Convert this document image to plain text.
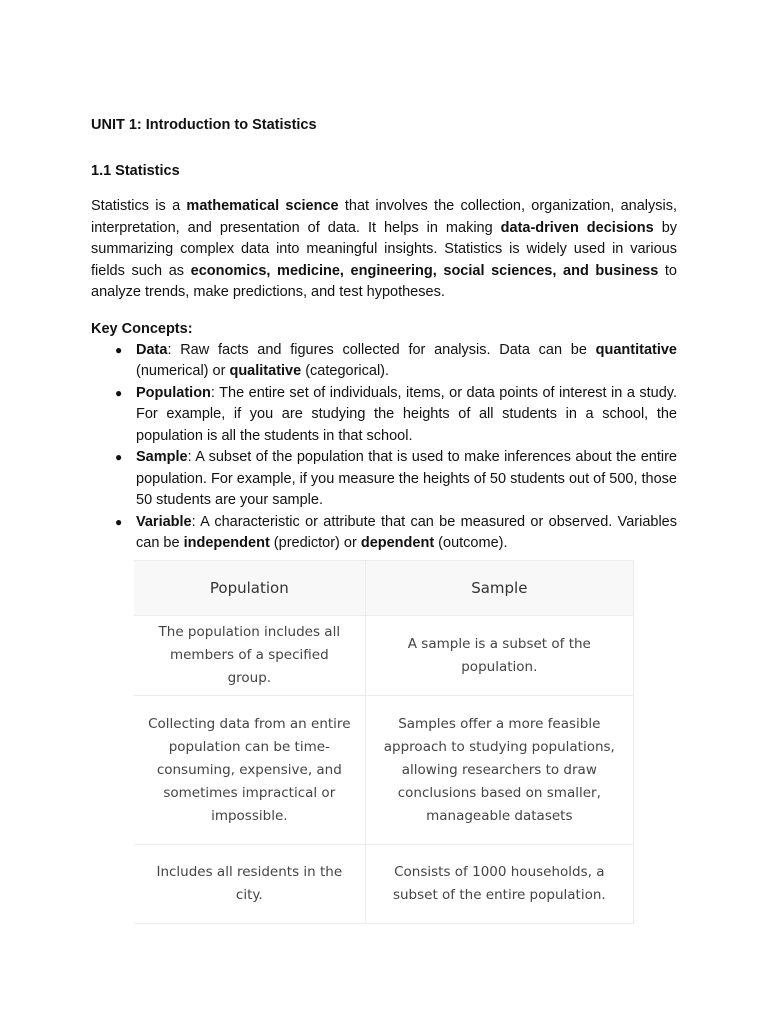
UNIT 1: Introduction to Statistics

1.1 Statistics

Statistics is a mathematical science that involves the collection, organization, analysis, interpretation, and presentation of data. It helps in making data-driven decisions by summarizing complex data into meaningful insights. Statistics is widely used in various fields such as economics, medicine, engineering, social sciences, and business to analyze trends, make predictions, and test hypotheses.

Key Concepts:

● Data: Raw facts and figures collected for analysis. Data can be quantitative (numerical) or qualitative (categorical).
● Population: The entire set of individuals, items, or data points of interest in a study. For example, if you are studying the heights of all students in a school, the population is all the students in that school.
● Sample: A subset of the population that is used to make inferences about the entire population. For example, if you measure the heights of 50 students out of 500, those 50 students are your sample.
● Variable: A characteristic or attribute that can be measured or observed. Variables can be independent (predictor) or dependent (outcome).
Population	Sample
The population includes all members of a specified group.	A sample is a subset of the population.
Collecting data from an entire population can be time-consuming, expensive, and sometimes impractical or impossible.	Samples offer a more feasible approach to studying populations, allowing researchers to draw conclusions based on smaller, manageable datasets
Includes all residents in the city.	Consists of 1000 households, a subset of the entire population.
